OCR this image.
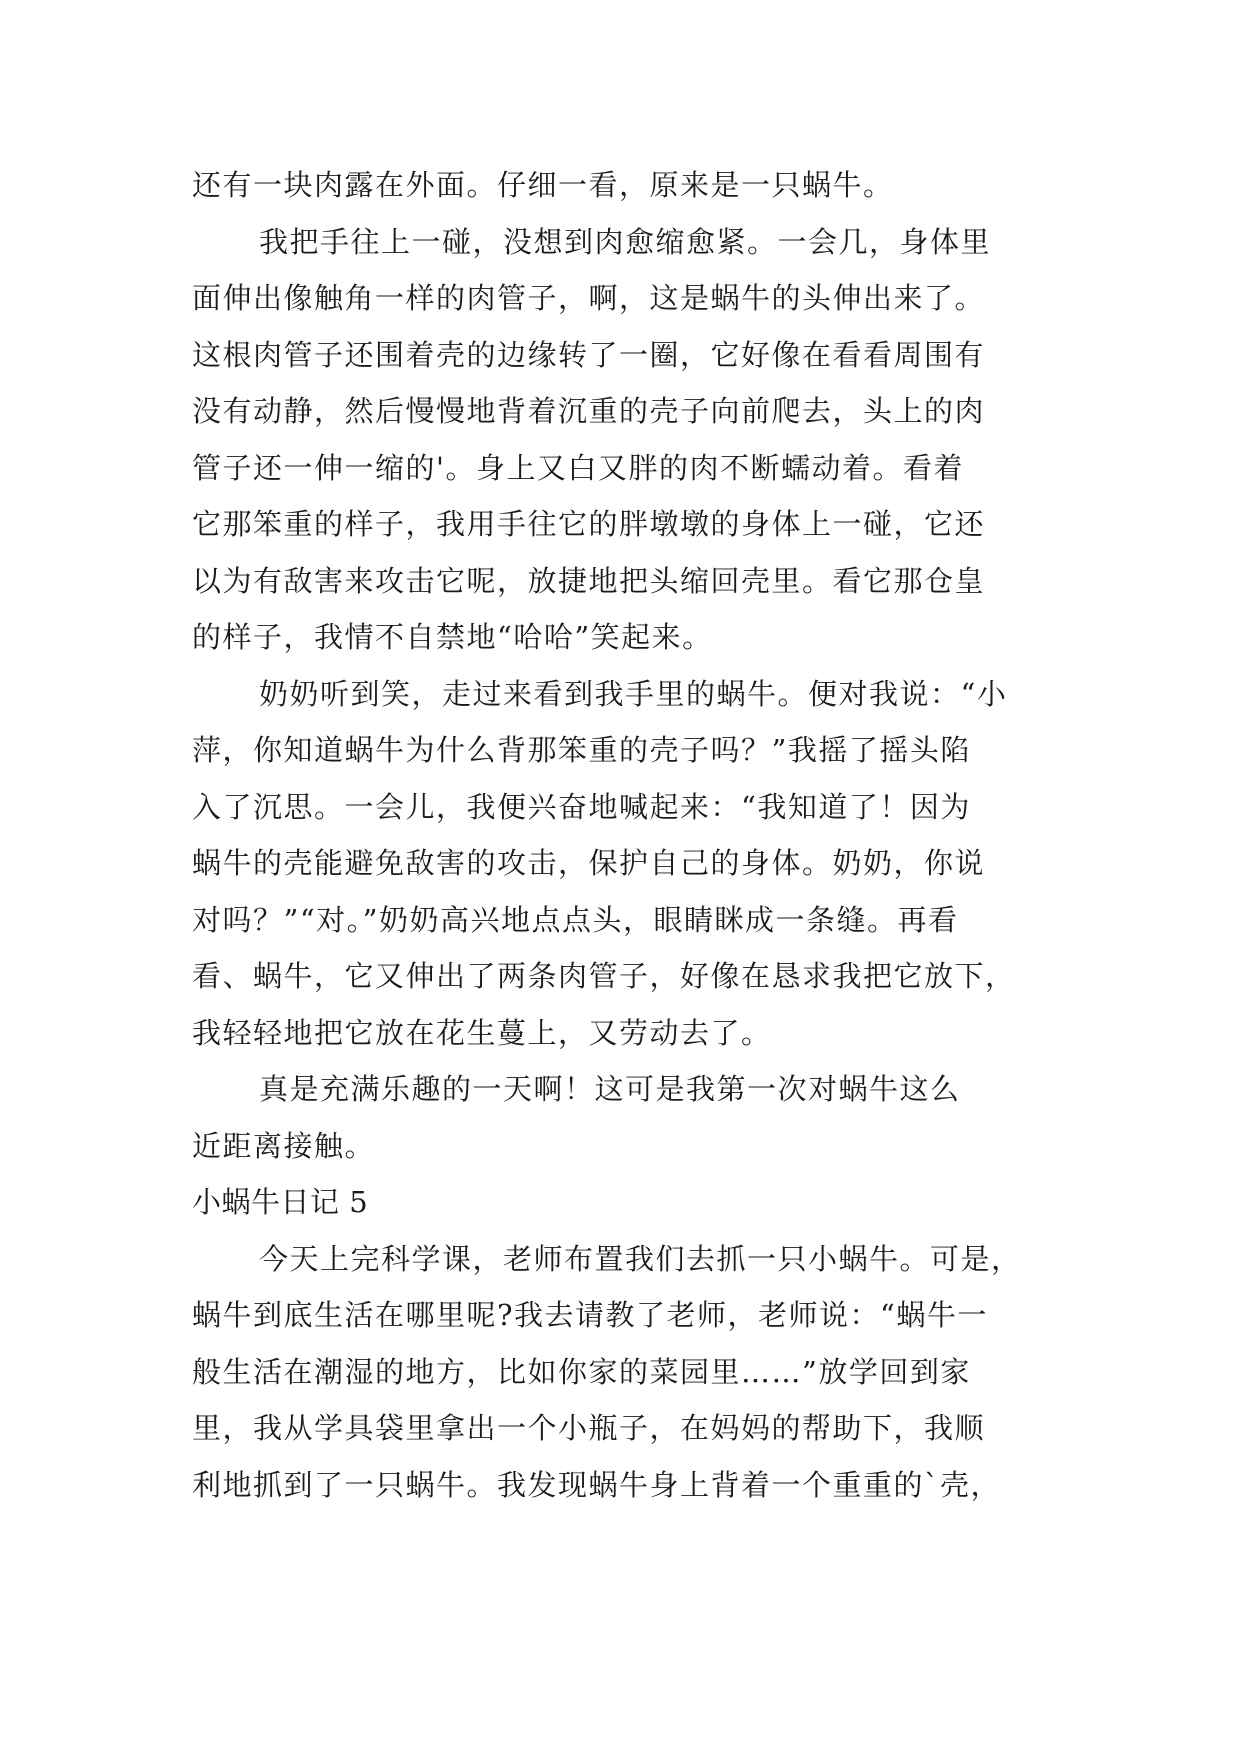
还有一块肉露在外面。仔细一看，原来是一只蜗牛。
我把手往上一碰，没想到肉愈缩愈紧。一会几，身体里
面伸出像触角一样的肉管子，啊，这是蜗牛的头伸出来了。
这根肉管子还围着壳的边缘转了一圈，它好像在看看周围有
没有动静，然后慢慢地背着沉重的壳子向前爬去，头上的肉
管子还一伸一缩的'。身上又白又胖的肉不断蠕动着。看着
它那笨重的样子，我用手往它的胖墩墩的身体上一碰，它还
以为有敌害来攻击它呢，放捷地把头缩回壳里。看它那仓皇
的样子，我情不自禁地“哈哈”笑起来。
奶奶听到笑，走过来看到我手里的蜗牛。便对我说：“小
萍，你知道蜗牛为什么背那笨重的壳子吗？”我摇了摇头陷
入了沉思。一会儿，我便兴奋地喊起来：“我知道了！因为
蜗牛的壳能避免敌害的攻击，保护自己的身体。奶奶，你说
对吗？”“对。”奶奶高兴地点点头，眼睛眯成一条缝。再看
看、蜗牛，它又伸出了两条肉管子，好像在恳求我把它放下，
我轻轻地把它放在花生蔓上，又劳动去了。
真是充满乐趣的一天啊！这可是我第一次对蜗牛这么
近距离接触。
小蜗牛日记 5
今天上完科学课，老师布置我们去抓一只小蜗牛。可是，
蜗牛到底生活在哪里呢?我去请教了老师，老师说：“蜗牛一
般生活在潮湿的地方，比如你家的菜园里……”放学回到家
里，我从学具袋里拿出一个小瓶子，在妈妈的帮助下，我顺
利地抓到了一只蜗牛。我发现蜗牛身上背着一个重重的`壳，
